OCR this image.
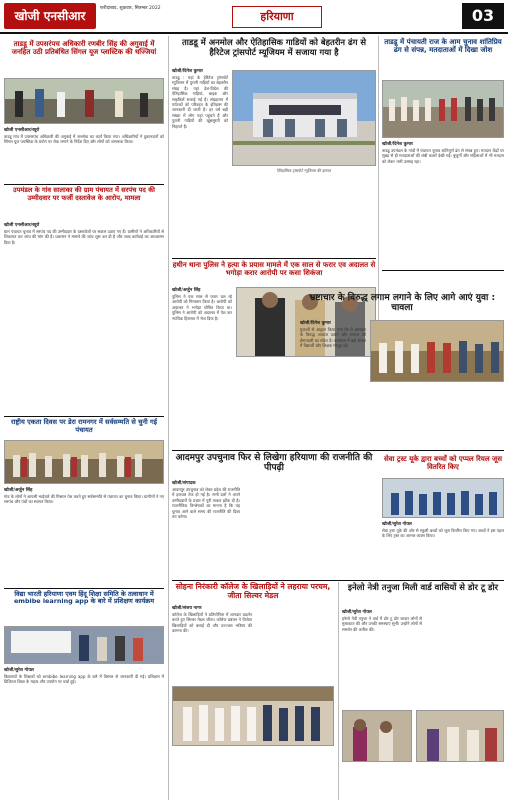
खोजी एनसीआर
फरीदाबाद, शुक्रवार, सितम्बर 2022
हरियाणा	03
ताडडू में उपसरंपच अधिकारी रणबीर सिंह की अगुवाई में जनहित उठी प्रतिबंधित सिंगल यूज प्लास्टिक की धज्जियां
खोजी एनसीआर/ब्यूरो
ताडडू गांव में उपसरपंच अधिकारी की अगुवाई में जनसेवा का कार्य किया गया। अधिकारियों ने दुकानदारों को सिंगल यूज प्लास्टिक के प्रयोग पर रोक लगाने के निर्देश दिए और लोगों को जागरूक किया।
उपमंडल के गांव सालाका की ग्राम पंचायत में सरपंच पद की उम्मीदवार पर फर्जी दस्तावेज के आरोप, मामला
खोजी एनसीआर/ब्यूरो
ग्राम पंचायत चुनाव में सरपंच पद की उम्मीदवार के दस्तावेजों पर सवाल उठाए गए हैं। ग्रामीणों ने अधिकारियों से शिकायत कर जांच की मांग की है। प्रशासन ने मामले की जांच शुरू कर दी है और जल्द कार्रवाई का आश्वासन दिया है।
राष्ट्रीय एकता दिवस पर डेरा रामनगर में सर्वसम्मति से चुनी गई पंचायत
खोजी/अर्जुन सिंह
गांव के लोगों ने आपसी भाईचारे की मिसाल पेश करते हुए सर्वसम्मति से पंचायत का चुनाव किया। ग्रामीणों ने नए सरपंच और पंचों का स्वागत किया।
विद्या भारती हरियाणा एवम हिंदू शिक्षा समिति के तत्वाधान में embibe learning app के बारे में प्रशिक्षण कार्यक्रम
खोजी/सुरेश गोयल
विद्यालयों के शिक्षकों को embibe learning app के बारे में विस्तार से जानकारी दी गई। प्रशिक्षण में डिजिटल शिक्षा के महत्व और उपयोग पर चर्चा हुई।
ताडडू में अनमोल और ऐतिहासिक गाडियों को बेहतरीन ढंग से हैरिटेज ट्रांसपोर्ट म्यूजियम में सजाया गया है
खोजी/दिनेश कुमार
ताडडू : यहां के हेरिटेज ट्रांसपोर्ट म्यूजियम में पुरानी गाड़ियों का बेहतरीन संग्रह है। यहां देश-विदेश की ऐतिहासिक गाड़ियां, बाइक और साइकिलें सजाई गई हैं। संग्रहालय में पर्यटकों को परिवहन के इतिहास की जानकारी दी जाती है। हर वर्ष बड़ी संख्या में लोग यहां पहुंचते हैं और पुरानी गाड़ियों की खूबसूरती को निहारते हैं।
ऐतिहासिक ट्रांसपोर्ट म्यूजियम की इमारत
हथीन थाना पुलिस ने हत्या के प्रयास मामले में एक साल से फरार एव अदालत से भगोड़ा करार आरोपी पर कसा शिकंजा
खोजी/अर्जुन सिंह
पुलिस ने एक साल से फरार चल रहे आरोपी को गिरफ्तार किया है। आरोपी को अदालत ने भगोड़ा घोषित किया था। पुलिस ने आरोपी को अदालत में पेश कर न्यायिक हिरासत में भेज दिया है।
ताडडू में पंचायती राज के आम चुनाव शांतिप्रिय ढंग से संपन्न, मतदाताओं में दिखा जोश
खोजी/दिनेश कुमार
ताडडू उपमंडल के गांवों में पंचायत चुनाव शांतिपूर्ण ढंग से संपन्न हुए। मतदान केंद्रों पर सुबह से ही मतदाताओं की लंबी कतारें देखी गईं। बुजुर्गों और महिलाओं में भी मतदान को लेकर भारी उत्साह रहा।
भ्रष्टाचार के विरुद्ध लगाम लगाने के लिए आगे आएं युवा : चावला
खोजी/दिनेश कुमार
युवाओं से आह्वान किया गया कि वे भ्रष्टाचार के विरुद्ध आवाज उठाएं और समाज को ईमानदारी का संदेश दें। कार्यक्रम में बड़ी संख्या में विद्यार्थी और शिक्षक मौजूद रहे।
आदमपुर उपचुनाव फिर से लिखेगा हरियाणा की राजनीति की पीपढ़ी
खोजी/संपादक
आदमपुर उपचुनाव को लेकर प्रदेश की राजनीति में हलचल तेज हो गई है। सभी दलों ने अपने उम्मीदवारों के प्रचार में पूरी ताकत झोंक दी है। राजनीतिक विश्लेषकों का मानना है कि यह चुनाव आने वाले समय की राजनीति की दिशा तय करेगा।
सेवा ट्रस्ट यूके द्वारा बच्चों को एप्पल रियल जूस वितरित किए
खोजी/सुरेश गोयल
सेवा ट्रस्ट यूके की ओर से स्कूली बच्चों को जूस वितरित किए गए। बच्चों ने इस पहल के लिए ट्रस्ट का आभार व्यक्त किया।
सोहना निरंकारी कॉलेज के खिलाड़ियों ने लहराया परचम, जीता सिल्वर मेडल
खोजी/संजय नागर
कॉलेज के खिलाड़ियों ने प्रतियोगिता में शानदार प्रदर्शन करते हुए सिल्वर मेडल जीता। कॉलेज प्रबंधन ने विजेता खिलाड़ियों को बधाई दी और उज्ज्वल भविष्य की कामना की।
इनेलो नेत्री तनुजा मिली वार्ड वासियों से डोर टू डोर
खोजी/सुरेश गोयल
इनेलो नेत्री तनुजा ने वार्ड में डोर टू डोर जाकर लोगों से मुलाकात की और उनकी समस्याएं सुनीं। उन्होंने लोगों से समर्थन की अपील की।
